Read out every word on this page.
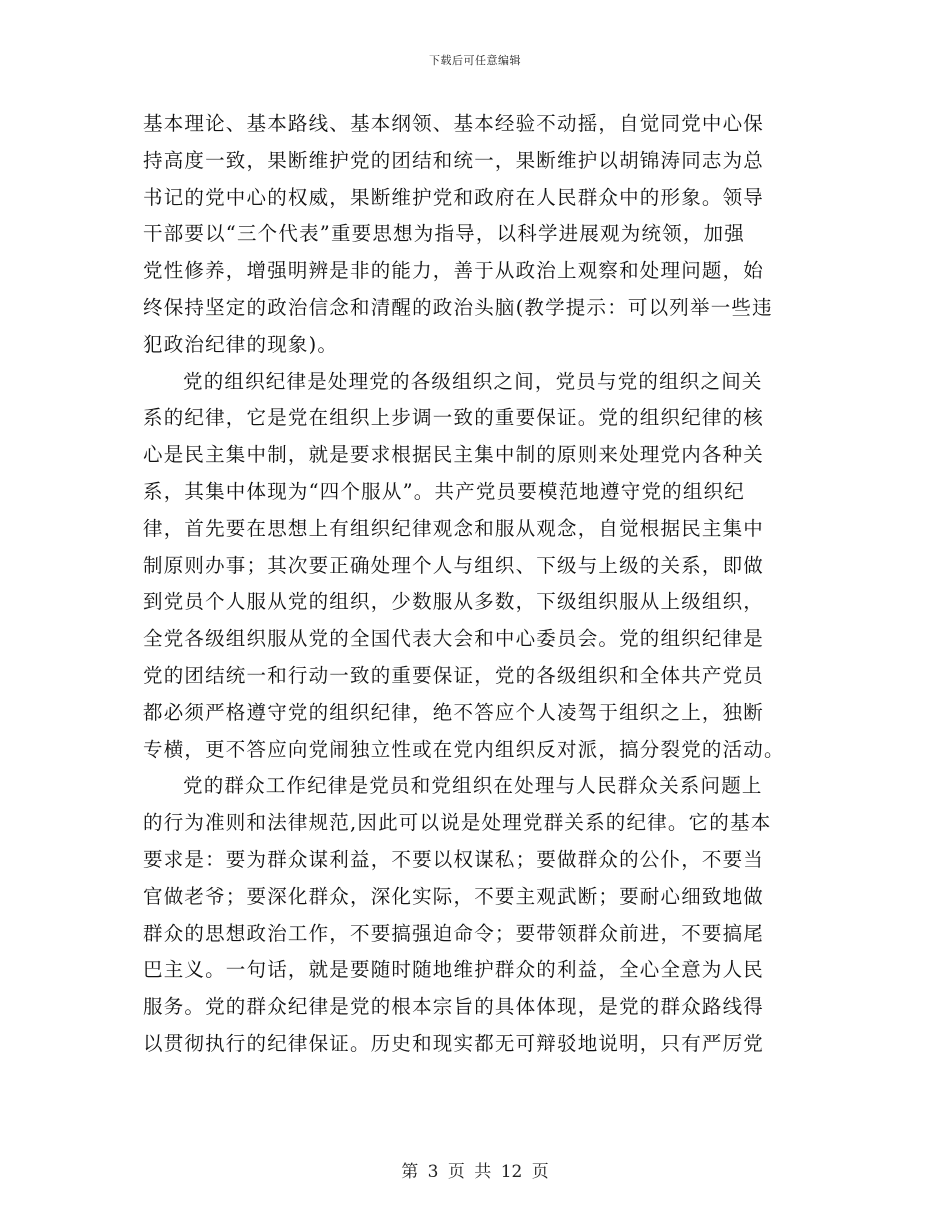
下载后可任意编辑
基本理论、基本路线、基本纲领、基本经验不动摇，自觉同党中心保
持高度一致，果断维护党的团结和统一，果断维护以胡锦涛同志为总
书记的党中心的权威，果断维护党和政府在人民群众中的形象。领导
干部要以“三个代表”重要思想为指导，以科学进展观为统领，加强
党性修养，增强明辨是非的能力，善于从政治上观察和处理问题，始
终保持坚定的政治信念和清醒的政治头脑(教学提示：可以列举一些违
犯政治纪律的现象)。
党的组织纪律是处理党的各级组织之间，党员与党的组织之间关
系的纪律，它是党在组织上步调一致的重要保证。党的组织纪律的核
心是民主集中制，就是要求根据民主集中制的原则来处理党内各种关
系，其集中体现为“四个服从”。共产党员要模范地遵守党的组织纪
律，首先要在思想上有组织纪律观念和服从观念，自觉根据民主集中
制原则办事；其次要正确处理个人与组织、下级与上级的关系，即做
到党员个人服从党的组织，少数服从多数，下级组织服从上级组织，
全党各级组织服从党的全国代表大会和中心委员会。党的组织纪律是
党的团结统一和行动一致的重要保证，党的各级组织和全体共产党员
都必须严格遵守党的组织纪律，绝不答应个人凌驾于组织之上，独断
专横，更不答应向党闹独立性或在党内组织反对派，搞分裂党的活动。
党的群众工作纪律是党员和党组织在处理与人民群众关系问题上
的行为准则和法律规范,因此可以说是处理党群关系的纪律。它的基本
要求是：要为群众谋利益，不要以权谋私；要做群众的公仆，不要当
官做老爷；要深化群众，深化实际，不要主观武断；要耐心细致地做
群众的思想政治工作，不要搞强迫命令；要带领群众前进，不要搞尾
巴主义。一句话，就是要随时随地维护群众的利益，全心全意为人民
服务。党的群众纪律是党的根本宗旨的具体体现，是党的群众路线得
以贯彻执行的纪律保证。历史和现实都无可辩驳地说明，只有严厉党
第 3 页 共 12 页
